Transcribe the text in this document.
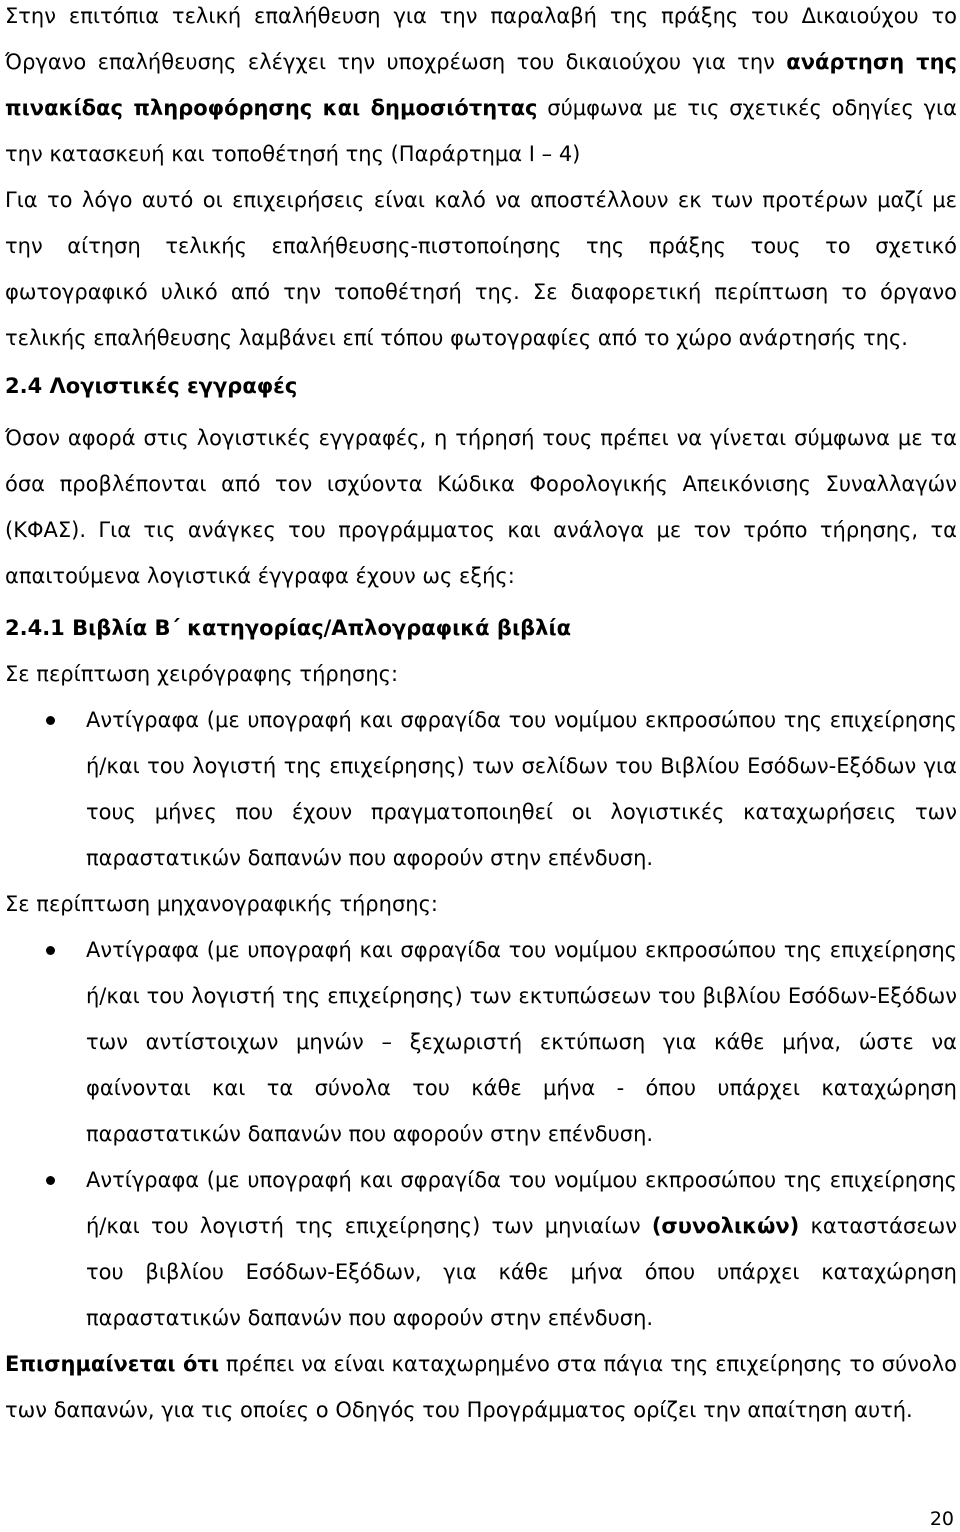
Στην επιτόπια τελική επαλήθευση για την παραλαβή της πράξης του Δικαιούχου το Όργανο επαλήθευσης ελέγχει την υποχρέωση του δικαιούχου για την ανάρτηση της πινακίδας πληροφόρησης και δημοσιότητας σύμφωνα με τις σχετικές οδηγίες για την κατασκευή και τοποθέτησή της (Παράρτημα Ι – 4)

Για το λόγο αυτό οι επιχειρήσεις είναι καλό να αποστέλλουν εκ των προτέρων μαζί με την αίτηση τελικής επαλήθευσης-πιστοποίησης της πράξης τους το σχετικό φωτογραφικό υλικό από την τοποθέτησή της. Σε διαφορετική περίπτωση το όργανο τελικής επαλήθευσης λαμβάνει επί τόπου φωτογραφίες από το χώρο ανάρτησής της.

2.4 Λογιστικές εγγραφές

Όσον αφορά στις λογιστικές εγγραφές, η τήρησή τους πρέπει να γίνεται σύμφωνα με τα όσα προβλέπονται από τον ισχύοντα Κώδικα Φορολογικής Απεικόνισης Συναλλαγών (ΚΦΑΣ). Για τις ανάγκες του προγράμματος και ανάλογα με τον τρόπο τήρησης, τα απαιτούμενα λογιστικά έγγραφα έχουν ως εξής:

2.4.1 Βιβλία Β΄ κατηγορίας/Απλογραφικά βιβλία

Σε περίπτωση χειρόγραφης τήρησης:

Αντίγραφα (με υπογραφή και σφραγίδα του νομίμου εκπροσώπου της επιχείρησης ή/και του λογιστή της επιχείρησης) των σελίδων του Βιβλίου Εσόδων-Εξόδων για τους μήνες που έχουν πραγματοποιηθεί οι λογιστικές καταχωρήσεις των παραστατικών δαπανών που αφορούν στην επένδυση.

Σε περίπτωση μηχανογραφικής τήρησης:

Αντίγραφα (με υπογραφή και σφραγίδα του νομίμου εκπροσώπου της επιχείρησης ή/και του λογιστή της επιχείρησης) των εκτυπώσεων του βιβλίου Εσόδων-Εξόδων των αντίστοιχων μηνών – ξεχωριστή εκτύπωση για κάθε μήνα, ώστε να φαίνονται και τα σύνολα του κάθε μήνα - όπου υπάρχει καταχώρηση παραστατικών δαπανών που αφορούν στην επένδυση.
Αντίγραφα (με υπογραφή και σφραγίδα του νομίμου εκπροσώπου της επιχείρησης ή/και του λογιστή της επιχείρησης) των μηνιαίων (συνολικών) καταστάσεων του βιβλίου Εσόδων-Εξόδων, για κάθε μήνα όπου υπάρχει καταχώρηση παραστατικών δαπανών που αφορούν στην επένδυση.

Επισημαίνεται ότι πρέπει να είναι καταχωρημένο στα πάγια της επιχείρησης το σύνολο των δαπανών, για τις οποίες ο Οδηγός του Προγράμματος ορίζει την απαίτηση αυτή.

20
